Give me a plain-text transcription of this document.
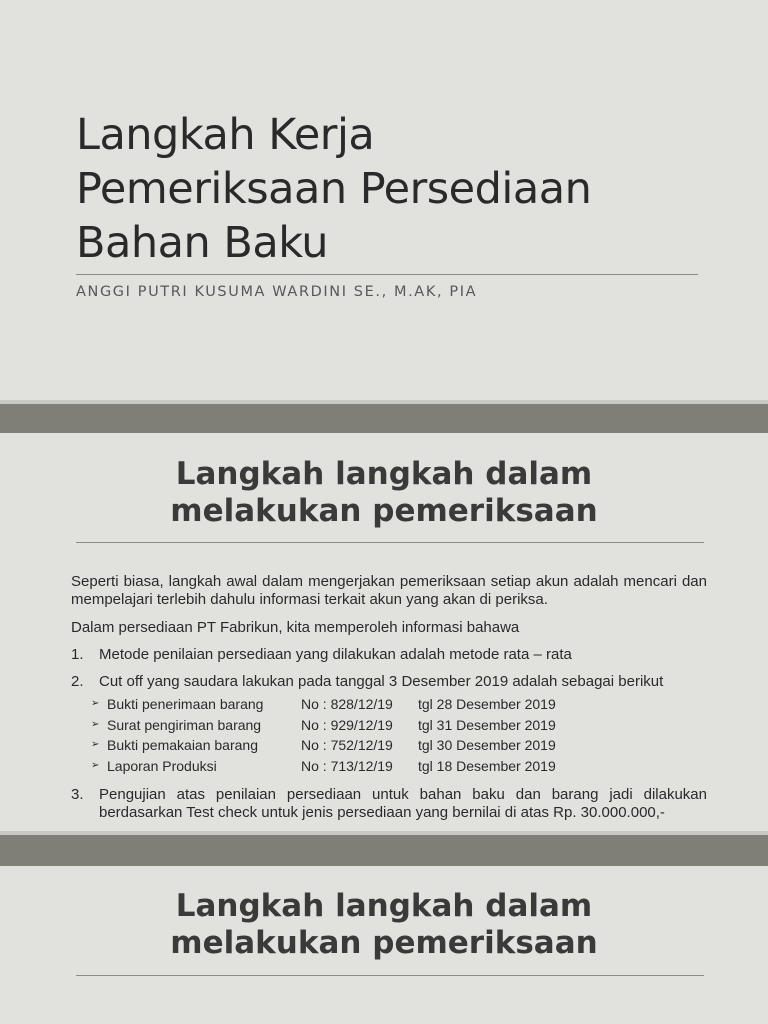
Langkah Kerja
Pemeriksaan Persediaan
Bahan Baku
ANGGI PUTRI KUSUMA WARDINI SE., M.AK, PIA
Langkah langkah dalam
melakukan pemeriksaan

Seperti biasa, langkah awal dalam mengerjakan pemeriksaan setiap akun adalah mencari dan mempelajari terlebih dahulu informasi terkait akun yang akan di periksa.

Dalam persediaan PT Fabrikun, kita memperoleh informasi bahawa

1.	Metode penilaian persediaan yang dilakukan adalah metode rata – rata
2.	Cut off yang saudara lakukan pada tanggal 3 Desember 2019 adalah sebagai berikut
➢ Bukti penerimaan barang	No : 828/12/19	tgl 28 Desember 2019
➢ Surat pengiriman barang	No : 929/12/19	tgl 31 Desember 2019
➢ Bukti pemakaian barang	No : 752/12/19	tgl 30 Desember 2019
➢ Laporan Produksi	No : 713/12/19	tgl 18 Desember 2019
3.	Pengujian atas penilaian persediaan untuk bahan baku dan barang jadi dilakukan berdasarkan Test check untuk jenis persediaan yang bernilai di atas Rp. 30.000.000,-
Langkah langkah dalam
melakukan pemeriksaan
